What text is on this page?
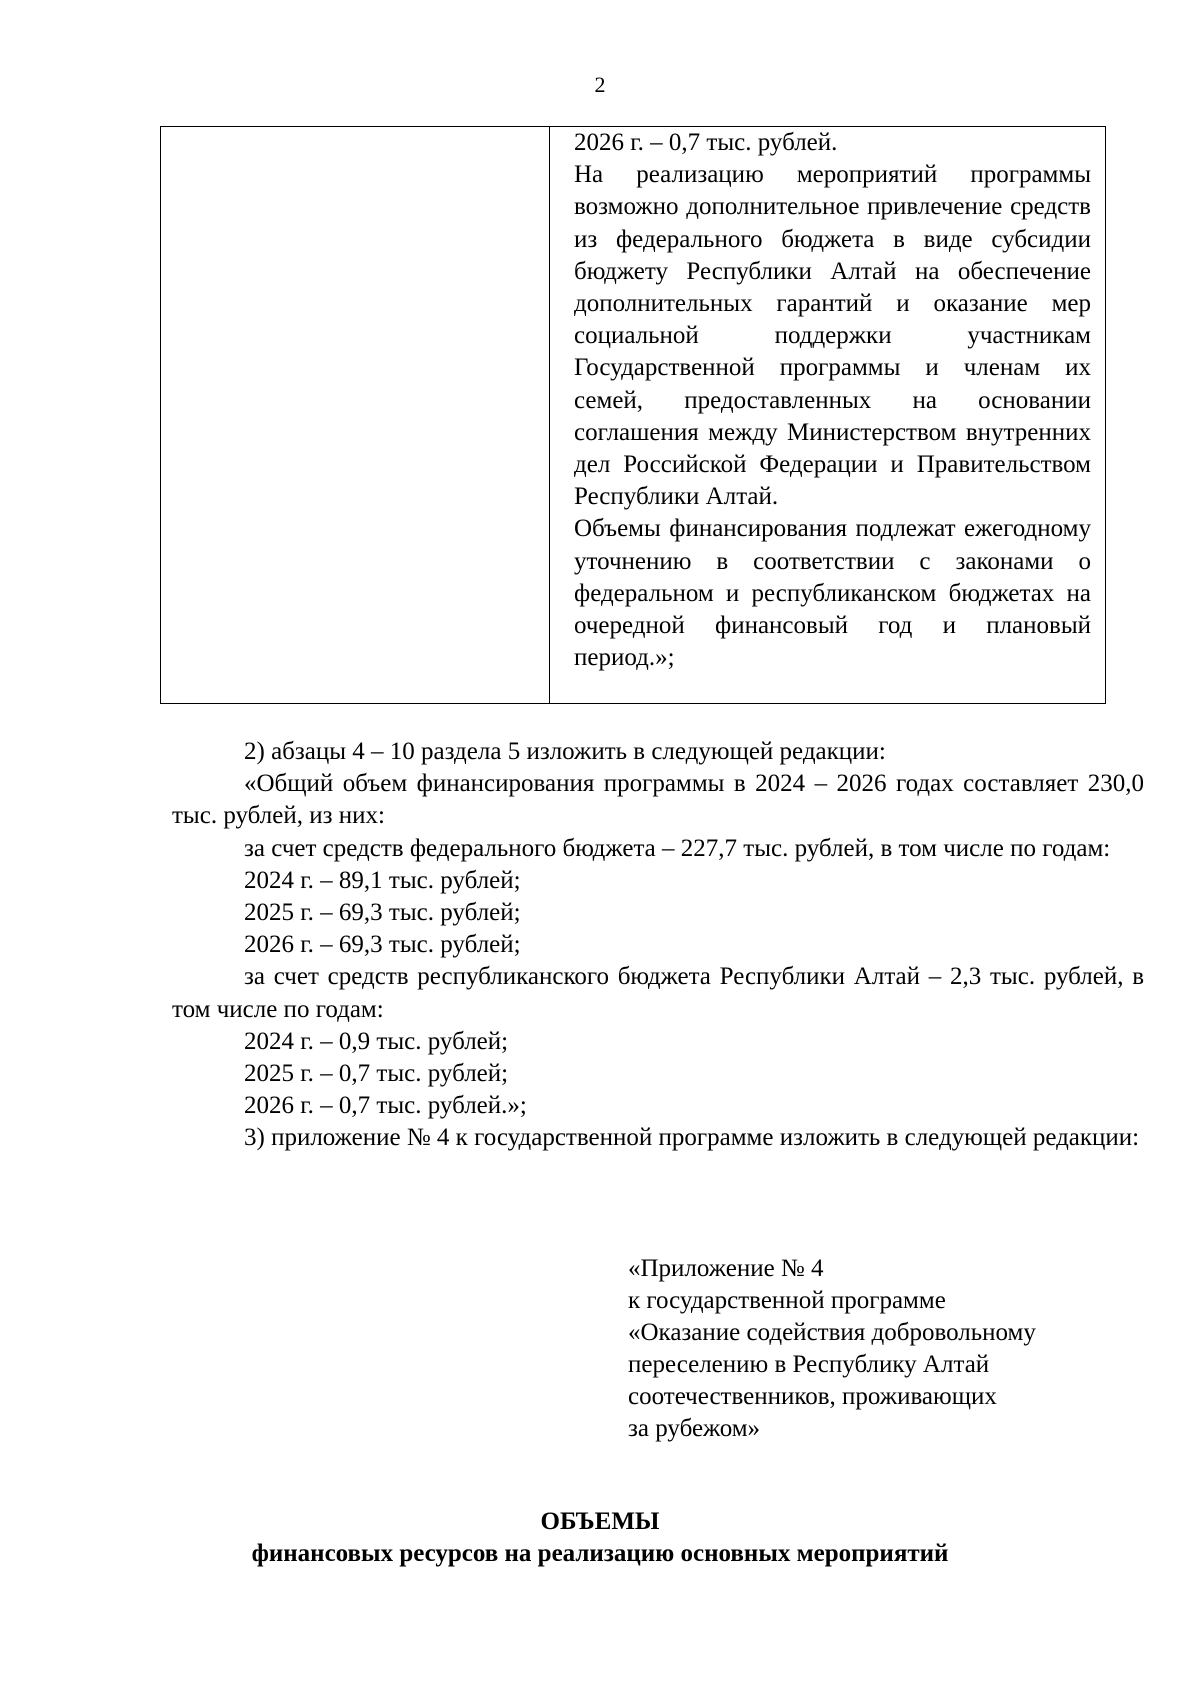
2

2026 г. – 0,7 тыс. рублей.

На реализацию мероприятий программы возможно дополнительное привлечение средств из федерального бюджета в виде субсидии бюджету Республики Алтай на обеспечение дополнительных гарантий и оказание мер социальной поддержки участникам Государственной программы и членам их семей, предоставленных на основании соглашения между Министерством внутренних дел Российской Федерации и Правительством Республики Алтай.

Объемы финансирования подлежат ежегодному уточнению в соответствии с законами о федеральном и республиканском бюджетах на очередной финансовый год и плановый период.»;

2) абзацы 4 – 10 раздела 5 изложить в следующей редакции:

«Общий объем финансирования программы в 2024 – 2026 годах составляет 230,0 тыс. рублей, из них:

за счет средств федерального бюджета – 227,7 тыс. рублей, в том числе по годам:

2024 г. – 89,1 тыс. рублей;

2025 г. – 69,3 тыс. рублей;

2026 г. – 69,3 тыс. рублей;

за счет средств республиканского бюджета Республики Алтай – 2,3 тыс. рублей, в том числе по годам:

2024 г. – 0,9 тыс. рублей;

2025 г. – 0,7 тыс. рублей;

2026 г. – 0,7 тыс. рублей.»;

3) приложение № 4 к государственной программе изложить в следующей редакции:

«Приложение № 4
к государственной программе
«Оказание содействия добровольному
переселению в Республику Алтай
соотечественников, проживающих
за рубежом»
ОБЪЕМЫ
финансовых ресурсов на реализацию основных мероприятий
